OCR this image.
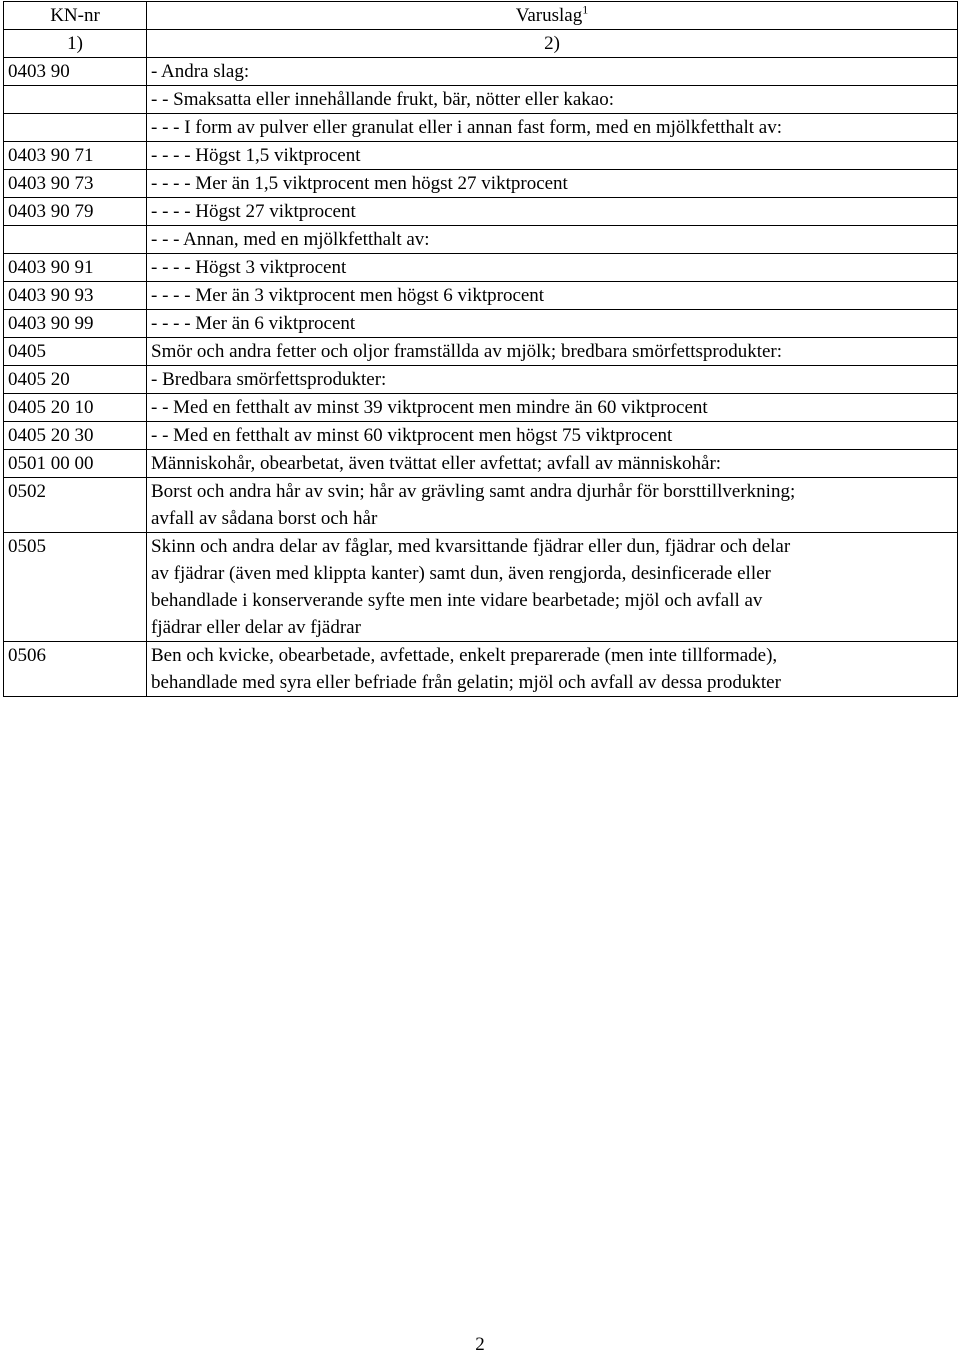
KN-nr	Varuslag$^1$
1)	2)
0403 90	- Andra slag:

	- - Smaksatta eller innehållande frukt, bär, nötter eller kakao:

	- - - I form av pulver eller granulat eller i annan fast form, med en mjölkfetthalt av:

0403 90 71	- - - - Högst 1,5 viktprocent

0403 90 73	- - - - Mer än 1,5 viktprocent men högst 27 viktprocent

0403 90 79	- - - - Högst 27 viktprocent

	- - - Annan, med en mjölkfetthalt av:

0403 90 91	- - - - Högst 3 viktprocent

0403 90 93	- - - - Mer än 3 viktprocent men högst 6 viktprocent

0403 90 99	- - - - Mer än 6 viktprocent

0405	Smör och andra fetter och oljor framställda av mjölk; bredbara smörfettsprodukter:

0405 20	- Bredbara smörfettsprodukter:

0405 20 10	- - Med en fetthalt av minst 39 viktprocent men mindre än 60 viktprocent

0405 20 30	- - Med en fetthalt av minst 60 viktprocent men högst 75 viktprocent

0501 00 00	Människohår, obearbetat, även tvättat eller avfettat; avfall av människohår:

0502	Borst och andra hår av svin; hår av grävling samt andra djurhår för borsttillverkning;
avfall av sådana borst och hår

0505	Skinn och andra delar av fåglar, med kvarsittande fjädrar eller dun, fjädrar och delar
av fjädrar (även med klippta kanter) samt dun, även rengjorda, desinficerade eller
behandlade i konserverande syfte men inte vidare bearbetade; mjöl och avfall av
fjädrar eller delar av fjädrar

0506	Ben och kvicke, obearbetade, avfettade, enkelt preparerade (men inte tillformade),
behandlade med syra eller befriade från gelatin; mjöl och avfall av dessa produkter
2
